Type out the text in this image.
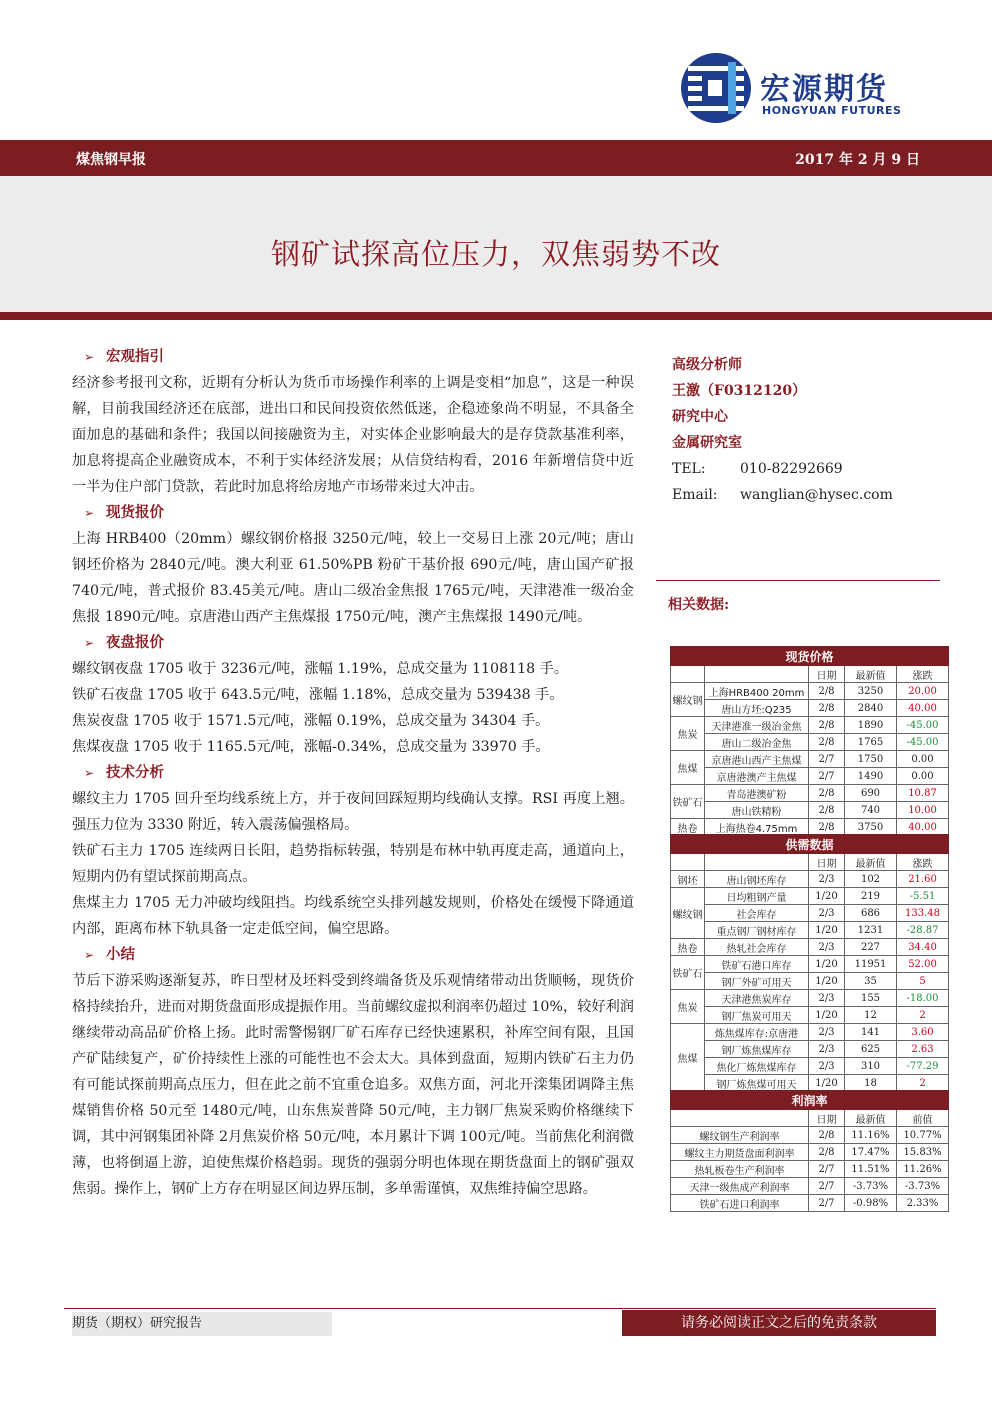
宏源期货
HONGYUAN FUTURES
煤焦钢早报	2017 年 2 月 9 日
钢矿试探高位压力，双焦弱势不改
➢ 宏观指引

经济参考报刊文称，近期有分析认为货币市场操作利率的上调是变相“加息”，这是一种误解，目前我国经济还在底部，进出口和民间投资依然低迷，企稳迹象尚不明显，不具备全面加息的基础和条件；我国以间接融资为主，对实体企业影响最大的是存贷款基准利率，加息将提高企业融资成本，不利于实体经济发展；从信贷结构看，2016 年新增信贷中近一半为住户部门贷款，若此时加息将给房地产市场带来过大冲击。

➢ 现货报价

上海 HRB400（20mm）螺纹钢价格报 3250元/吨，较上一交易日上涨 20元/吨；唐山钢坯价格为 2840元/吨。澳大利亚 61.50%PB 粉矿干基价报 690元/吨，唐山国产矿报 740元/吨，普式报价 83.45美元/吨。唐山二级冶金焦报 1765元/吨，天津港准一级冶金焦报 1890元/吨。京唐港山西产主焦煤报 1750元/吨，澳产主焦煤报 1490元/吨。

➢ 夜盘报价

螺纹钢夜盘 1705 收于 3236元/吨，涨幅 1.19%，总成交量为 1108118 手。
铁矿石夜盘 1705 收于 643.5元/吨，涨幅 1.18%，总成交量为 539438 手。
焦炭夜盘 1705 收于 1571.5元/吨，涨幅 0.19%，总成交量为 34304 手。
焦煤夜盘 1705 收于 1165.5元/吨，涨幅-0.34%，总成交量为 33970 手。

➢ 技术分析

螺纹主力 1705 回升至均线系统上方，并于夜间回踩短期均线确认支撑。RSI 再度上翘。强压力位为 3330 附近，转入震荡偏强格局。
铁矿石主力 1705 连续两日长阳，趋势指标转强，特别是布林中轨再度走高，通道向上，短期内仍有望试探前期高点。
焦煤主力 1705 无力冲破均线阻挡。均线系统空头排列越发规则，价格处在缓慢下降通道内部，距离布林下轨具备一定走低空间，偏空思路。

➢ 小结

节后下游采购逐渐复苏，昨日型材及坯料受到终端备货及乐观情绪带动出货顺畅，现货价格持续抬升，进而对期货盘面形成提振作用。当前螺纹虚拟利润率仍超过 10%，较好利润继续带动高品矿价格上扬。此时需警惕钢厂矿石库存已经快速累积，补库空间有限，且国产矿陆续复产，矿价持续性上涨的可能性也不会太大。具体到盘面，短期内铁矿石主力仍有可能试探前期高点压力，但在此之前不宜重仓追多。双焦方面，河北开滦集团调降主焦煤销售价格 50元至 1480元/吨，山东焦炭普降 50元/吨，主力钢厂焦炭采购价格继续下调，其中河钢集团补降 2月焦炭价格 50元/吨，本月累计下调 100元/吨。当前焦化利润微薄，也将倒逼上游，迫使焦煤价格趋弱。现货的强弱分明也体现在期货盘面上的钢矿强双焦弱。操作上，钢矿上方存在明显区间边界压制，多单需谨慎，双焦维持偏空思路。

高级分析师
王激（F0312120）
研究中心
金属研究室
TEL: 010-82292669
Email: wanglian@hysec.com
相关数据:
现货价格				
		日期	最新值	涨跌
螺纹钢	上海HRB400 20mm	2/8	3250	20.00
	唐山方坯:Q235	2/8	2840	40.00
焦炭	天津港准一级冶金焦	2/8	1890	-45.00
	唐山二级冶金焦	2/8	1765	-45.00
焦煤	京唐港山西产主焦煤	2/7	1750	0.00
	京唐港澳产主焦煤	2/7	1490	0.00
铁矿石	青岛港澳矿粉	2/8	690	10.87
	唐山铁精粉	2/8	740	10.00
热卷	上海热卷4.75mm	2/8	3750	40.00
供需数据				
		日期	最新值	涨跌
钢坯	唐山钢坯库存	2/3	102	21.60
螺纹钢	日均粗钢产量	1/20	219	-5.51
	社会库存	2/3	686	133.48
	重点钢厂钢材库存	1/20	1231	-28.87
热卷	热轧社会库存	2/3	227	34.40
铁矿石	铁矿石港口库存	1/20	11951	52.00
	钢厂外矿可用天	1/20	35	5
焦炭	天津港焦炭库存	2/3	155	-18.00
	钢厂焦炭可用天	1/20	12	2
焦煤	炼焦煤库存:京唐港	2/3	141	3.60
	钢厂炼焦煤库存	2/3	625	2.63
	焦化厂炼焦煤库存	2/3	310	-77.29
	钢厂炼焦煤可用天	1/20	18	2
利润率			
	日期	最新值	前值
螺纹钢生产利润率	2/8	11.16%	10.77%
螺纹主力期货盘面利润率	2/8	17.47%	15.83%
热轧板卷生产利润率	2/7	11.51%	11.26%
天津一级焦成产利润率	2/7	-3.73%	-3.73%
铁矿石进口利润率	2/7	-0.98%	2.33%
期货（期权）研究报告	请务必阅读正文之后的免责条款
